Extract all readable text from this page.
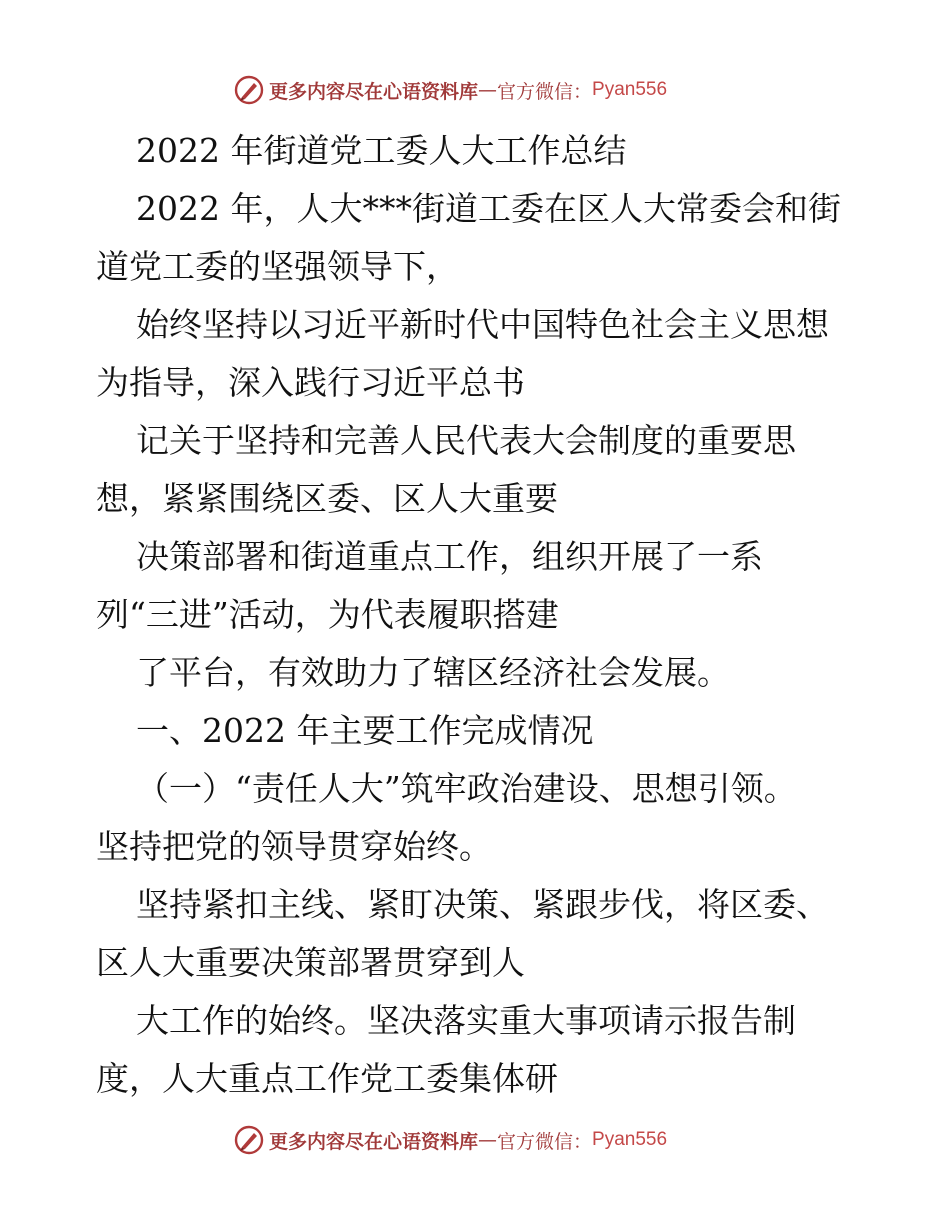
更多内容尽在心语资料库 — 官方微信： Pyan556
2022 年街道党工委人大工作总结
2022 年，人大***街道工委在区人大常委会和街
道党工委的坚强领导下，
始终坚持以习近平新时代中国特色社会主义思想
为指导，深入践行习近平总书
记关于坚持和完善人民代表大会制度的重要思
想，紧紧围绕区委、区人大重要
决策部署和街道重点工作，组织开展了一系
列“三进”活动，为代表履职搭建
了平台，有效助力了辖区经济社会发展。
一、2022 年主要工作完成情况
（一）“责任人大”筑牢政治建设、思想引领。
坚持把党的领导贯穿始终。
坚持紧扣主线、紧盯决策、紧跟步伐，将区委、
区人大重要决策部署贯穿到人
大工作的始终。坚决落实重大事项请示报告制
度，人大重点工作党工委集体研
更多内容尽在心语资料库 — 官方微信： Pyan556
